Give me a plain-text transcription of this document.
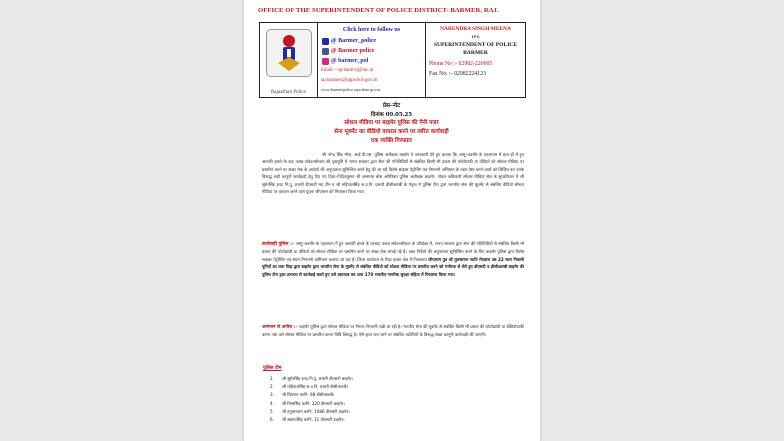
OFFICE OF THE SUPERINTENDENT OF POLICE DISTRICT- BARMER, RAJ.
Rajasthan Police
Click here to follow us
@ Barmer_police
@ Barmer police
@ barmer_pol
Email: - sp-barm-rj@nic.in
sp.barmer@rajpolice.gov.in
www.barmerpolice.rajasthan.gov.in
NARENDRA SINGH MEENA
IPS
SUPERINTENDENT OF POLICE
BARMER
Phone No :- 02982-220005
Fax No. :- 02982224123
प्रेस–नोट
दिनांक 09.05.25
सोशल मीडिया पर बाड़मेर पुलिस की पैनी नजर
सेना मूवमेंट का वीडियो वायरल करने पर त्वरित कार्यवाही
एक व्यक्ति गिरफ्तार
श्री नरेन्द्र सिंह मीना, आई.पी.एस. पुलिस अधीक्षक बाड़मेर ने जानकारी देते हुए बताया कि जम्मू–कश्मीर के पहलगाम में हाल ही में हुए आतंकी हमले के बाद उत्पन्न संवेदनशीलता की पृष्ठभूमि में भारत सरकार द्वारा सेना की गतिविधियों से संबंधित किसी भी प्रकार की फोटोग्राफी या वीडियो को सोशल मीडिया पर प्रसारित करने पर सख्त रोक के आदेशों की अनुपालना सुनिश्चित करने हेतु की जा रही विशेष साइबर पेट्रोलिंग एवं निगरानी अभियान के तहत ऐसा करने वालों को चिन्हित कर उनके विरूद्ध कड़ी कानूनी कार्यवाही हेतु दिए गए दिशा–निर्देशानुसार श्री जसाराम बोस अतिरिक्त पुलिस अधीक्षक बाड़मेर, नोडल अधिकारी सोशल मीडिया सेल के सुपरविजन में श्री सुमेरसिंह इन्दा नि.पु. प्रभारी डीएसटी मय टीम व श्री महिपालसिंह स.उ.नि. प्रभारी डीसीआरबी के नेतृत्व में पुलिस टीम द्वारा भारतीय सेना की मूवमेंट से संबंधित वीडियो सोशल मीडिया पर वायरल करने वाले युवक जीयाराम को गिरफ्तार किया गया।
कार्यवाही पुलिस :– जम्मू–कश्मीर के पहलगाम में हुए आतंकी हमले के पश्चात उत्पन्न संवेदनशीलता के परिप्रेक्ष्य में, भारत सरकार द्वारा सेना की गतिविधियों से संबंधित किसी भी प्रकार की फोटोग्राफी या वीडियो को सोशल मीडिया पर प्रसारित करने पर सख्त रोक लगाई गई है। उक्त निर्देशों की अनुपालना सुनिश्चित करने के लिए बाड़मेर पुलिस द्वारा विशेष साइबर पेट्रोलिंग एवं सघन निगरानी अभियान चलाया जा रहा है। जिला बालोतरा के गिड़ा हल्का क्षेत्र में निवासरत जीयाराम पुत्र श्री तुलसाराम जाति मेघवाल उम्र 22 साल निवासी पूनियों का तला गिड़ा द्वारा बाड़मेर द्वारा भारतीय सेना के मूवमेंट से संबंधित वीडियो को सोशल मीडिया पर प्रसारित करने को गंभीरता से लेते हुए डीएसटी व डीसीआरबी बाड़मेर की पुलिस टीम द्वारा तत्परता से कार्यवाई करते हुए उसे दस्तयाब कर धारा 170 भारतीय नागरिक सुरक्षा संहिता में गिरफ्तार किया गया।
आमजन से अपील :– बाड़मेर पुलिस द्वारा सोशल मीडिया पर निरंतर निगरानी रखी जा रही है। भारतीय सेना की मूवमेंट से संबंधित किसी भी प्रकार की फोटोग्राफी या वीडियोग्राफी करना तथा उसे सोशल मीडिया पर प्रसारित करना विधि विरूद्ध है। ऐसे कृत्य पाए जाने पर संबंधित व्यक्तियों के विरूद्ध सख्त कानूनी कार्यवाही की जाएगी।
पुलिस टीम
1. श्री सुमेरसिंह इन्दा नि.पु. प्रभारी डीएसटी बाड़मेर।
2. श्री महिपालसिंह स.उ.नि. प्रभारी डीसीआरबी।
3. श्री शिवराम कानि. 98 डीसीआरबी।
4. श्री मिम्बसिंह कानि. 220 डीएसटी बाड़मेर।
5. श्री हनुमानराम कानि. 1486 डीएसटी बाड़मेर।
6. श्री स्वरूपसिंह कानि. 11 डीएसटी बाड़मेर।
